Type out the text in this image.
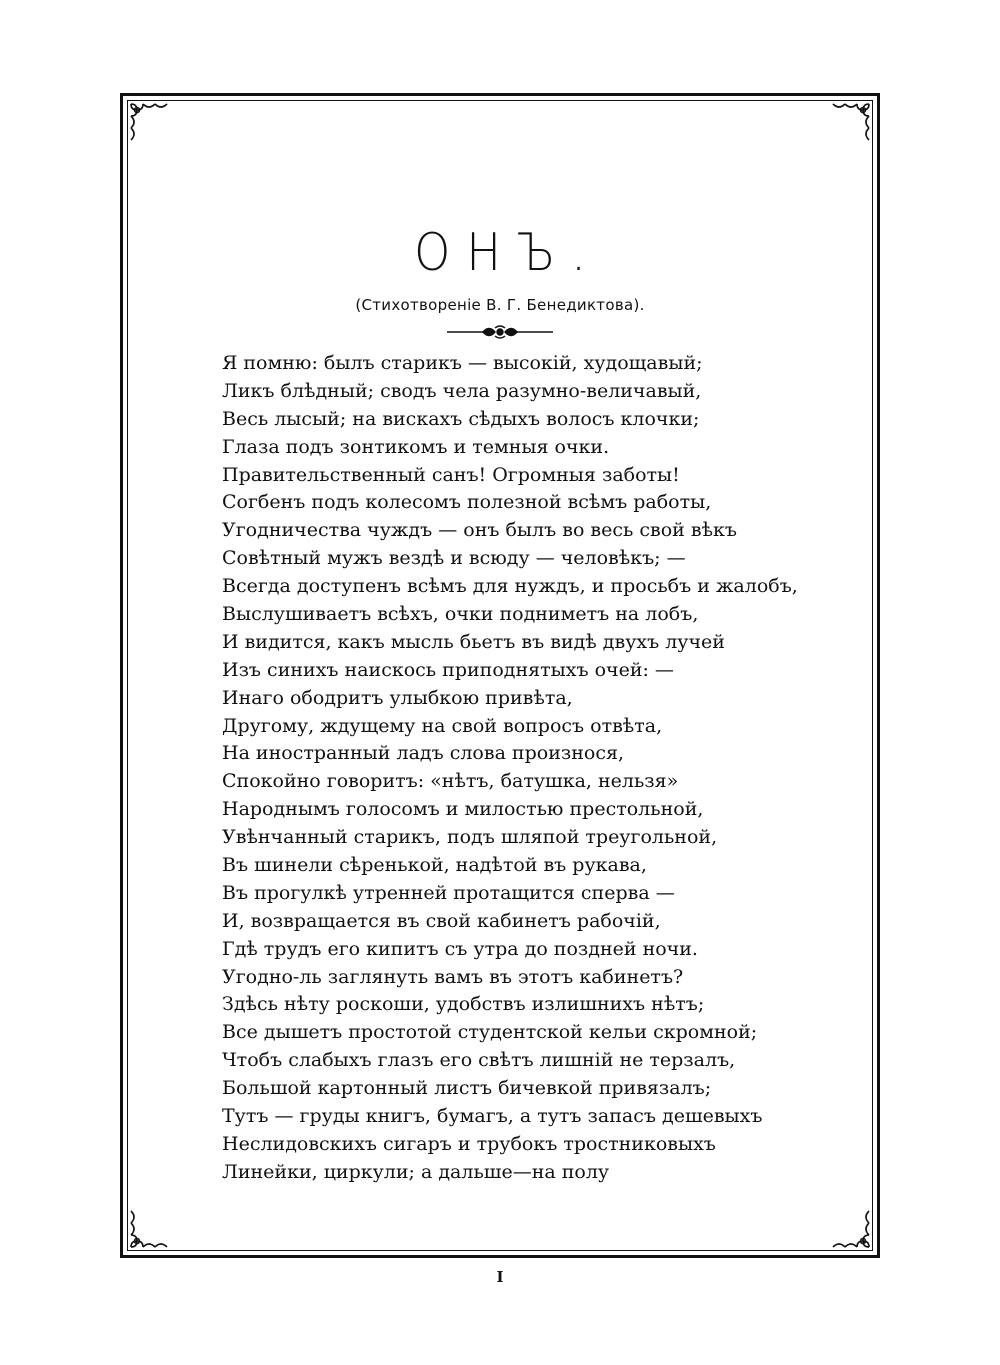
ОНЪ.
(Стихотворенiе В. Г. Бенедиктова).
Я помню: былъ старикъ — высокiй, худощавый;
Ликъ блѣдный; сводъ чела разумно-величавый,
Весь лысый; на вискахъ сѣдыхъ волосъ клочки;
Глаза подъ зонтикомъ и темныя очки.
Правительственный санъ! Огромныя заботы!
Согбенъ подъ колесомъ полезной всѣмъ работы,
Угодничества чуждъ — онъ былъ во весь свой вѣкъ
Совѣтный мужъ вездѣ и всюду — человѣкъ; —
Всегда доступенъ всѣмъ для нуждъ, и просьбъ и жалобъ,
Выслушиваетъ всѣхъ, очки подниметъ на лобъ,
И видится, какъ мысль бьетъ въ видѣ двухъ лучей
Изъ синихъ наискось приподнятыхъ очей: —
Инаго ободритъ улыбкою привѣта,
Другому, ждущему на свой вопросъ отвѣта,
На иностранный ладъ слова произнося,
Спокойно говоритъ: «нѣтъ, батушка, нельзя»
Народнымъ голосомъ и милостью престольной,
Увѣнчанный старикъ, подъ шляпой треугольной,
Въ шинели сѣренькой, надѣтой въ рукава,
Въ прогулкѣ утренней протащится сперва —
И, возвращается въ свой кабинетъ рабочiй,
Гдѣ трудъ его кипитъ съ утра до поздней ночи.
Угодно-ль заглянуть вамъ въ этотъ кабинетъ?
Здѣсь нѣту роскоши, удобствъ излишнихъ нѣтъ;
Все дышетъ простотой студентской кельи скромной;
Чтобъ слабыхъ глазъ его свѣтъ лишнiй не терзалъ,
Большой картонный листъ бичевкой привязалъ;
Тутъ — груды книгъ, бумагъ, а тутъ запасъ дешевыхъ
Неслидовскихъ сигаръ и трубокъ тростниковыхъ
Линейки, циркули; а дальше—на полу
I
